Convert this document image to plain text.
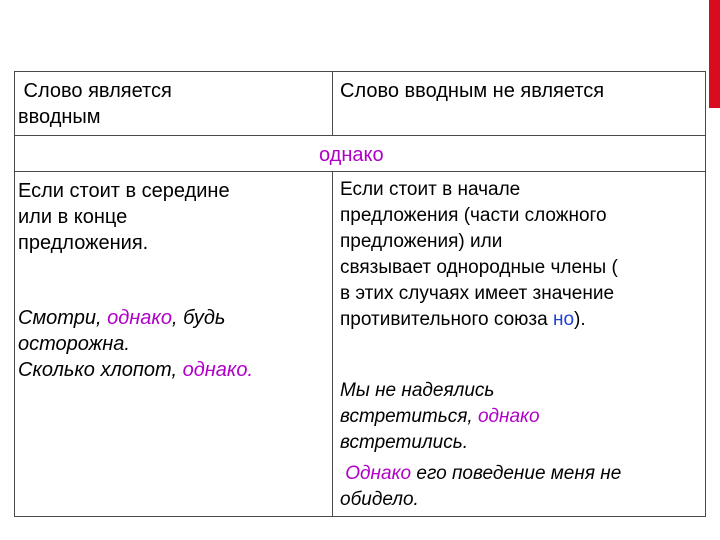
Слово является
вводным
Слово вводным не является
однако
Если стоит в середине
или в конце
предложения.
Смотри, однако, будь
осторожна.
Сколько хлопот, однако.
Если стоит в начале
предложения (части сложного
предложения) или
связывает однородные члены (
в этих случаях имеет значение
противительного союза но).
Мы не надеялись
встретиться, однако
встретились.
Однако его поведение меня не
обидело.
